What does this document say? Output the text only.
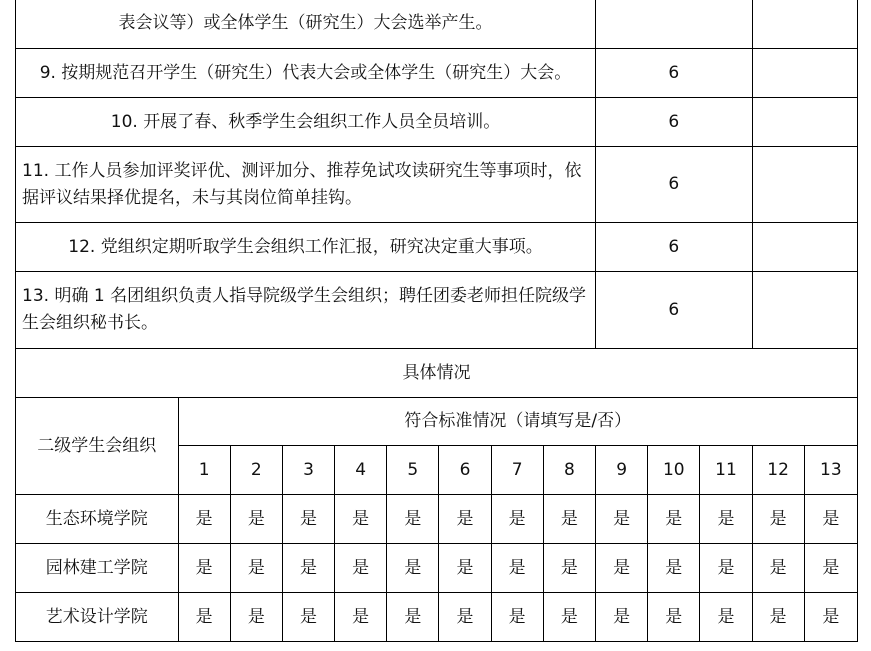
表会议等）或全体学生（研究生）大会选举产生。													
9. 按期规范召开学生（研究生）代表大会或全体学生（研究生）大会。									6				
10. 开展了春、秋季学生会组织工作人员全员培训。									6				
11. 工作人员参加评奖评优、测评加分、推荐免试攻读研究生等事项时，依据评议结果择优提名，未与其岗位简单挂钩。									6				
12. 党组织定期听取学生会组织工作汇报，研究决定重大事项。									6				
13. 明确 1 名团组织负责人指导院级学生会组织；聘任团委老师担任院级学生会组织秘书长。									6				
具体情况													
二级学生会组织	符合标准情况（请填写是/否）												
	1	2	3	4	5	6	7	8	9	10	11	12	13
生态环境学院	是	是	是	是	是	是	是	是	是	是	是	是	是
园林建工学院	是	是	是	是	是	是	是	是	是	是	是	是	是
艺术设计学院	是	是	是	是	是	是	是	是	是	是	是	是	是
